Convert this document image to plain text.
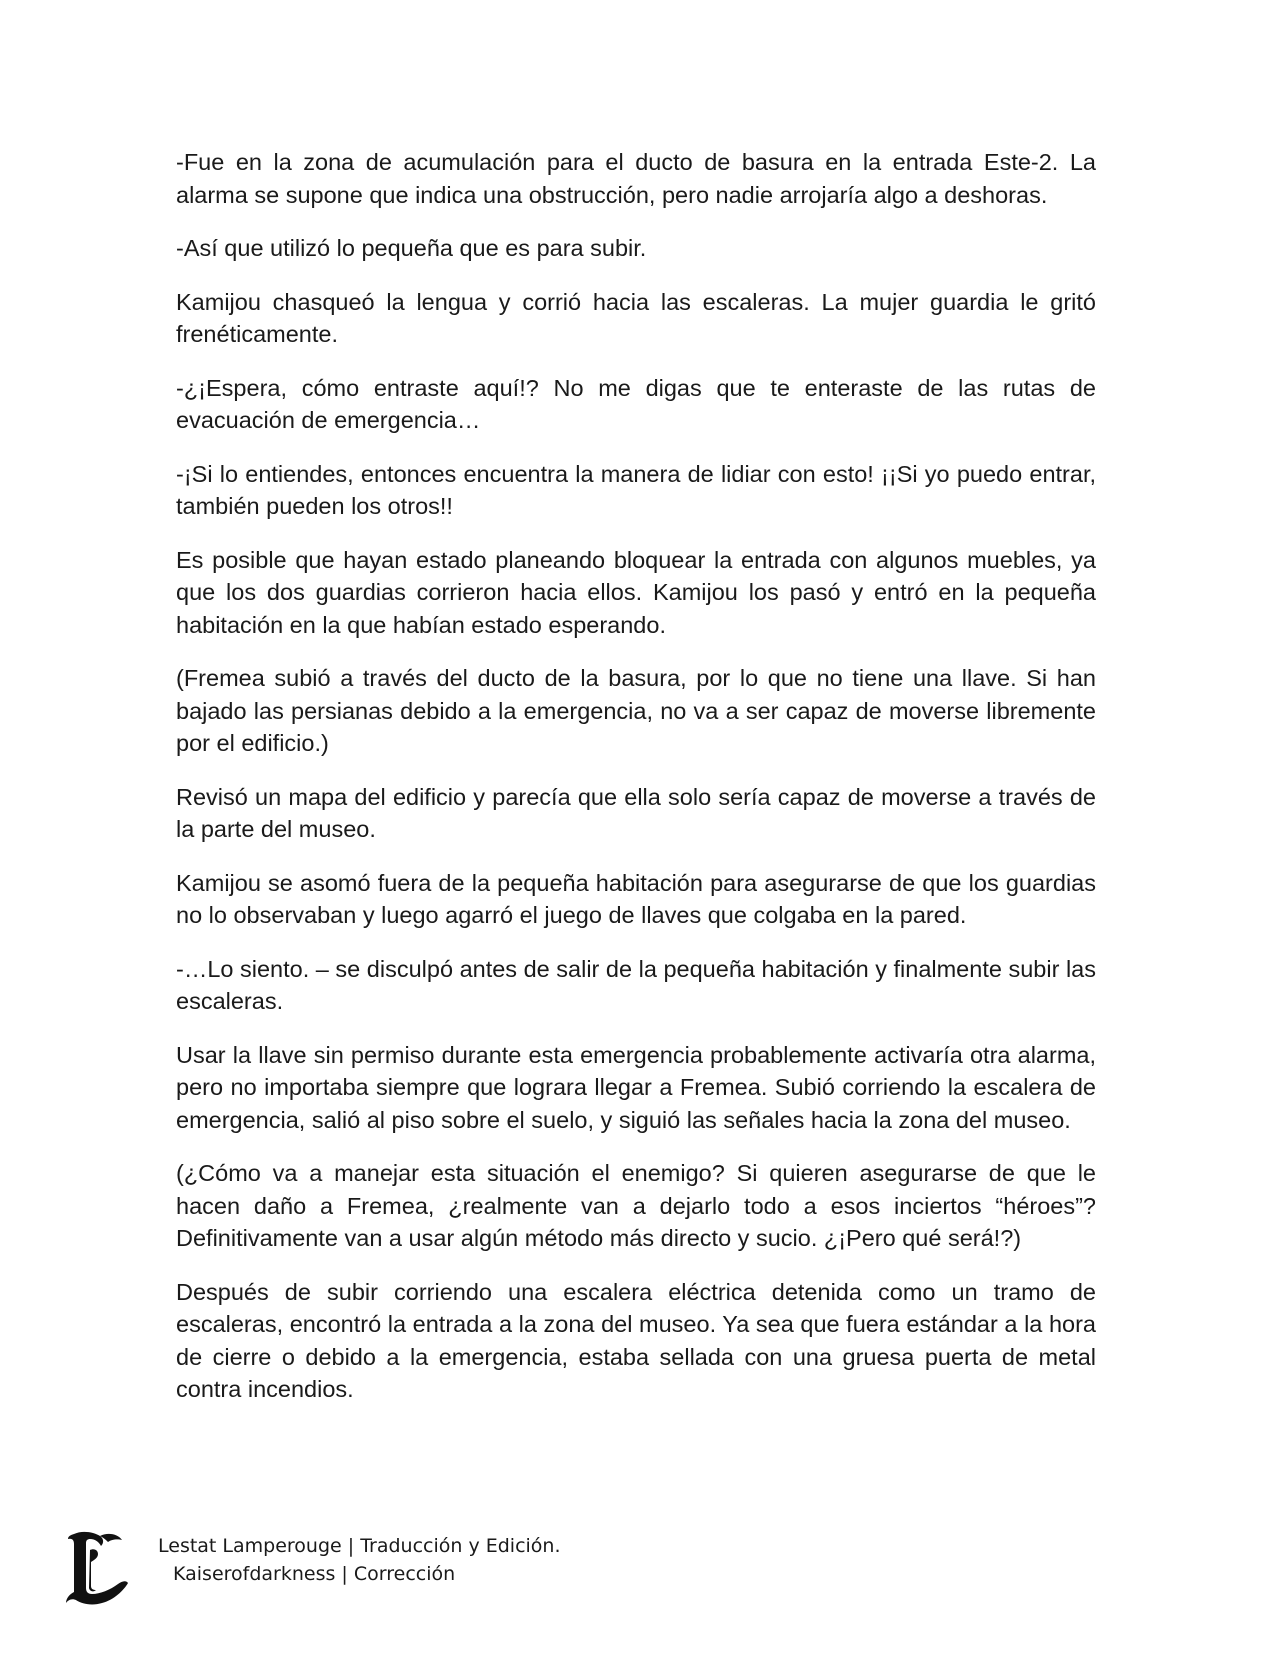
-Fue en la zona de acumulación para el ducto de basura en la entrada Este-2. La alarma se supone que indica una obstrucción, pero nadie arrojaría algo a deshoras.

-Así que utilizó lo pequeña que es para subir.

Kamijou chasqueó la lengua y corrió hacia las escaleras. La mujer guardia le gritó frenéticamente.

-¿¡Espera, cómo entraste aquí!? No me digas que te enteraste de las rutas de evacuación de emergencia…

-¡Si lo entiendes, entonces encuentra la manera de lidiar con esto! ¡¡Si yo puedo entrar, también pueden los otros!!

Es posible que hayan estado planeando bloquear la entrada con algunos muebles, ya que los dos guardias corrieron hacia ellos. Kamijou los pasó y entró en la pequeña habitación en la que habían estado esperando.

(Fremea subió a través del ducto de la basura, por lo que no tiene una llave. Si han bajado las persianas debido a la emergencia, no va a ser capaz de moverse libremente por el edificio.)

Revisó un mapa del edificio y parecía que ella solo sería capaz de moverse a través de la parte del museo.

Kamijou se asomó fuera de la pequeña habitación para asegurarse de que los guardias no lo observaban y luego agarró el juego de llaves que colgaba en la pared.

-…Lo siento. – se disculpó antes de salir de la pequeña habitación y finalmente subir las escaleras.

Usar la llave sin permiso durante esta emergencia probablemente activaría otra alarma, pero no importaba siempre que lograra llegar a Fremea. Subió corriendo la escalera de emergencia, salió al piso sobre el suelo, y siguió las señales hacia la zona del museo.

(¿Cómo va a manejar esta situación el enemigo? Si quieren asegurarse de que le hacen daño a Fremea, ¿realmente van a dejarlo todo a esos inciertos “héroes”? Definitivamente van a usar algún método más directo y sucio. ¿¡Pero qué será!?)

Después de subir corriendo una escalera eléctrica detenida como un tramo de escaleras, encontró la entrada a la zona del museo. Ya sea que fuera estándar a la hora de cierre o debido a la emergencia, estaba sellada con una gruesa puerta de metal contra incendios.

Lestat Lamperouge | Traducción y Edición.
Kaiserofdarkness | Corrección
